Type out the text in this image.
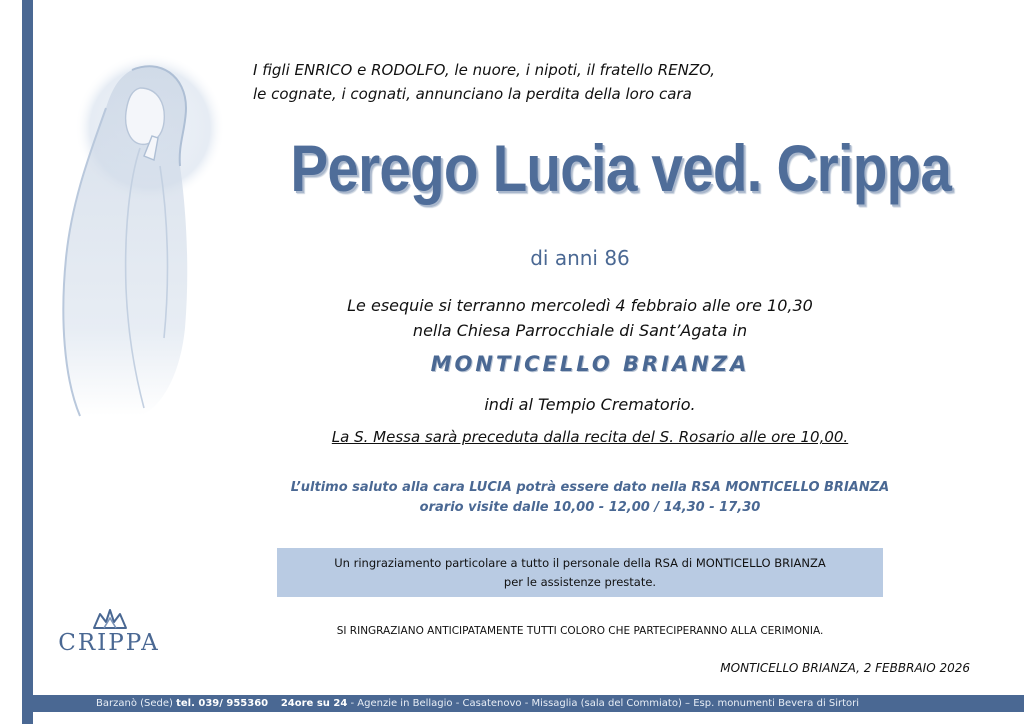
I figli ENRICO e RODOLFO, le nuore, i nipoti, il fratello RENZO,
le cognate, i cognati, annunciano la perdita della loro cara
Perego Lucia ved. Crippa
di anni 86
Le esequie si terranno mercoledì 4 febbraio alle ore 10,30
nella Chiesa Parrocchiale di Sant’Agata in
MONTICELLO BRIANZA
indi al Tempio Crematorio.
La S. Messa sarà preceduta dalla recita del S. Rosario alle ore 10,00.
L’ultimo saluto alla cara LUCIA potrà essere dato nella RSA MONTICELLO BRIANZA
orario visite dalle 10,00 - 12,00 / 14,30 - 17,30
Un ringraziamento particolare a tutto il personale della RSA di MONTICELLO BRIANZA
per le assistenze prestate.
SI RINGRAZIANO ANTICIPATAMENTE TUTTI COLORO CHE PARTECIPERANNO ALLA CERIMONIA.
MONTICELLO BRIANZA, 2 FEBBRAIO 2026
CRIPPA
Barzanò (Sede) tel. 039/ 955360 24ore su 24 - Agenzie in Bellagio - Casatenovo - Missaglia (sala del Commiato) – Esp. monumenti Bevera di Sirtori
